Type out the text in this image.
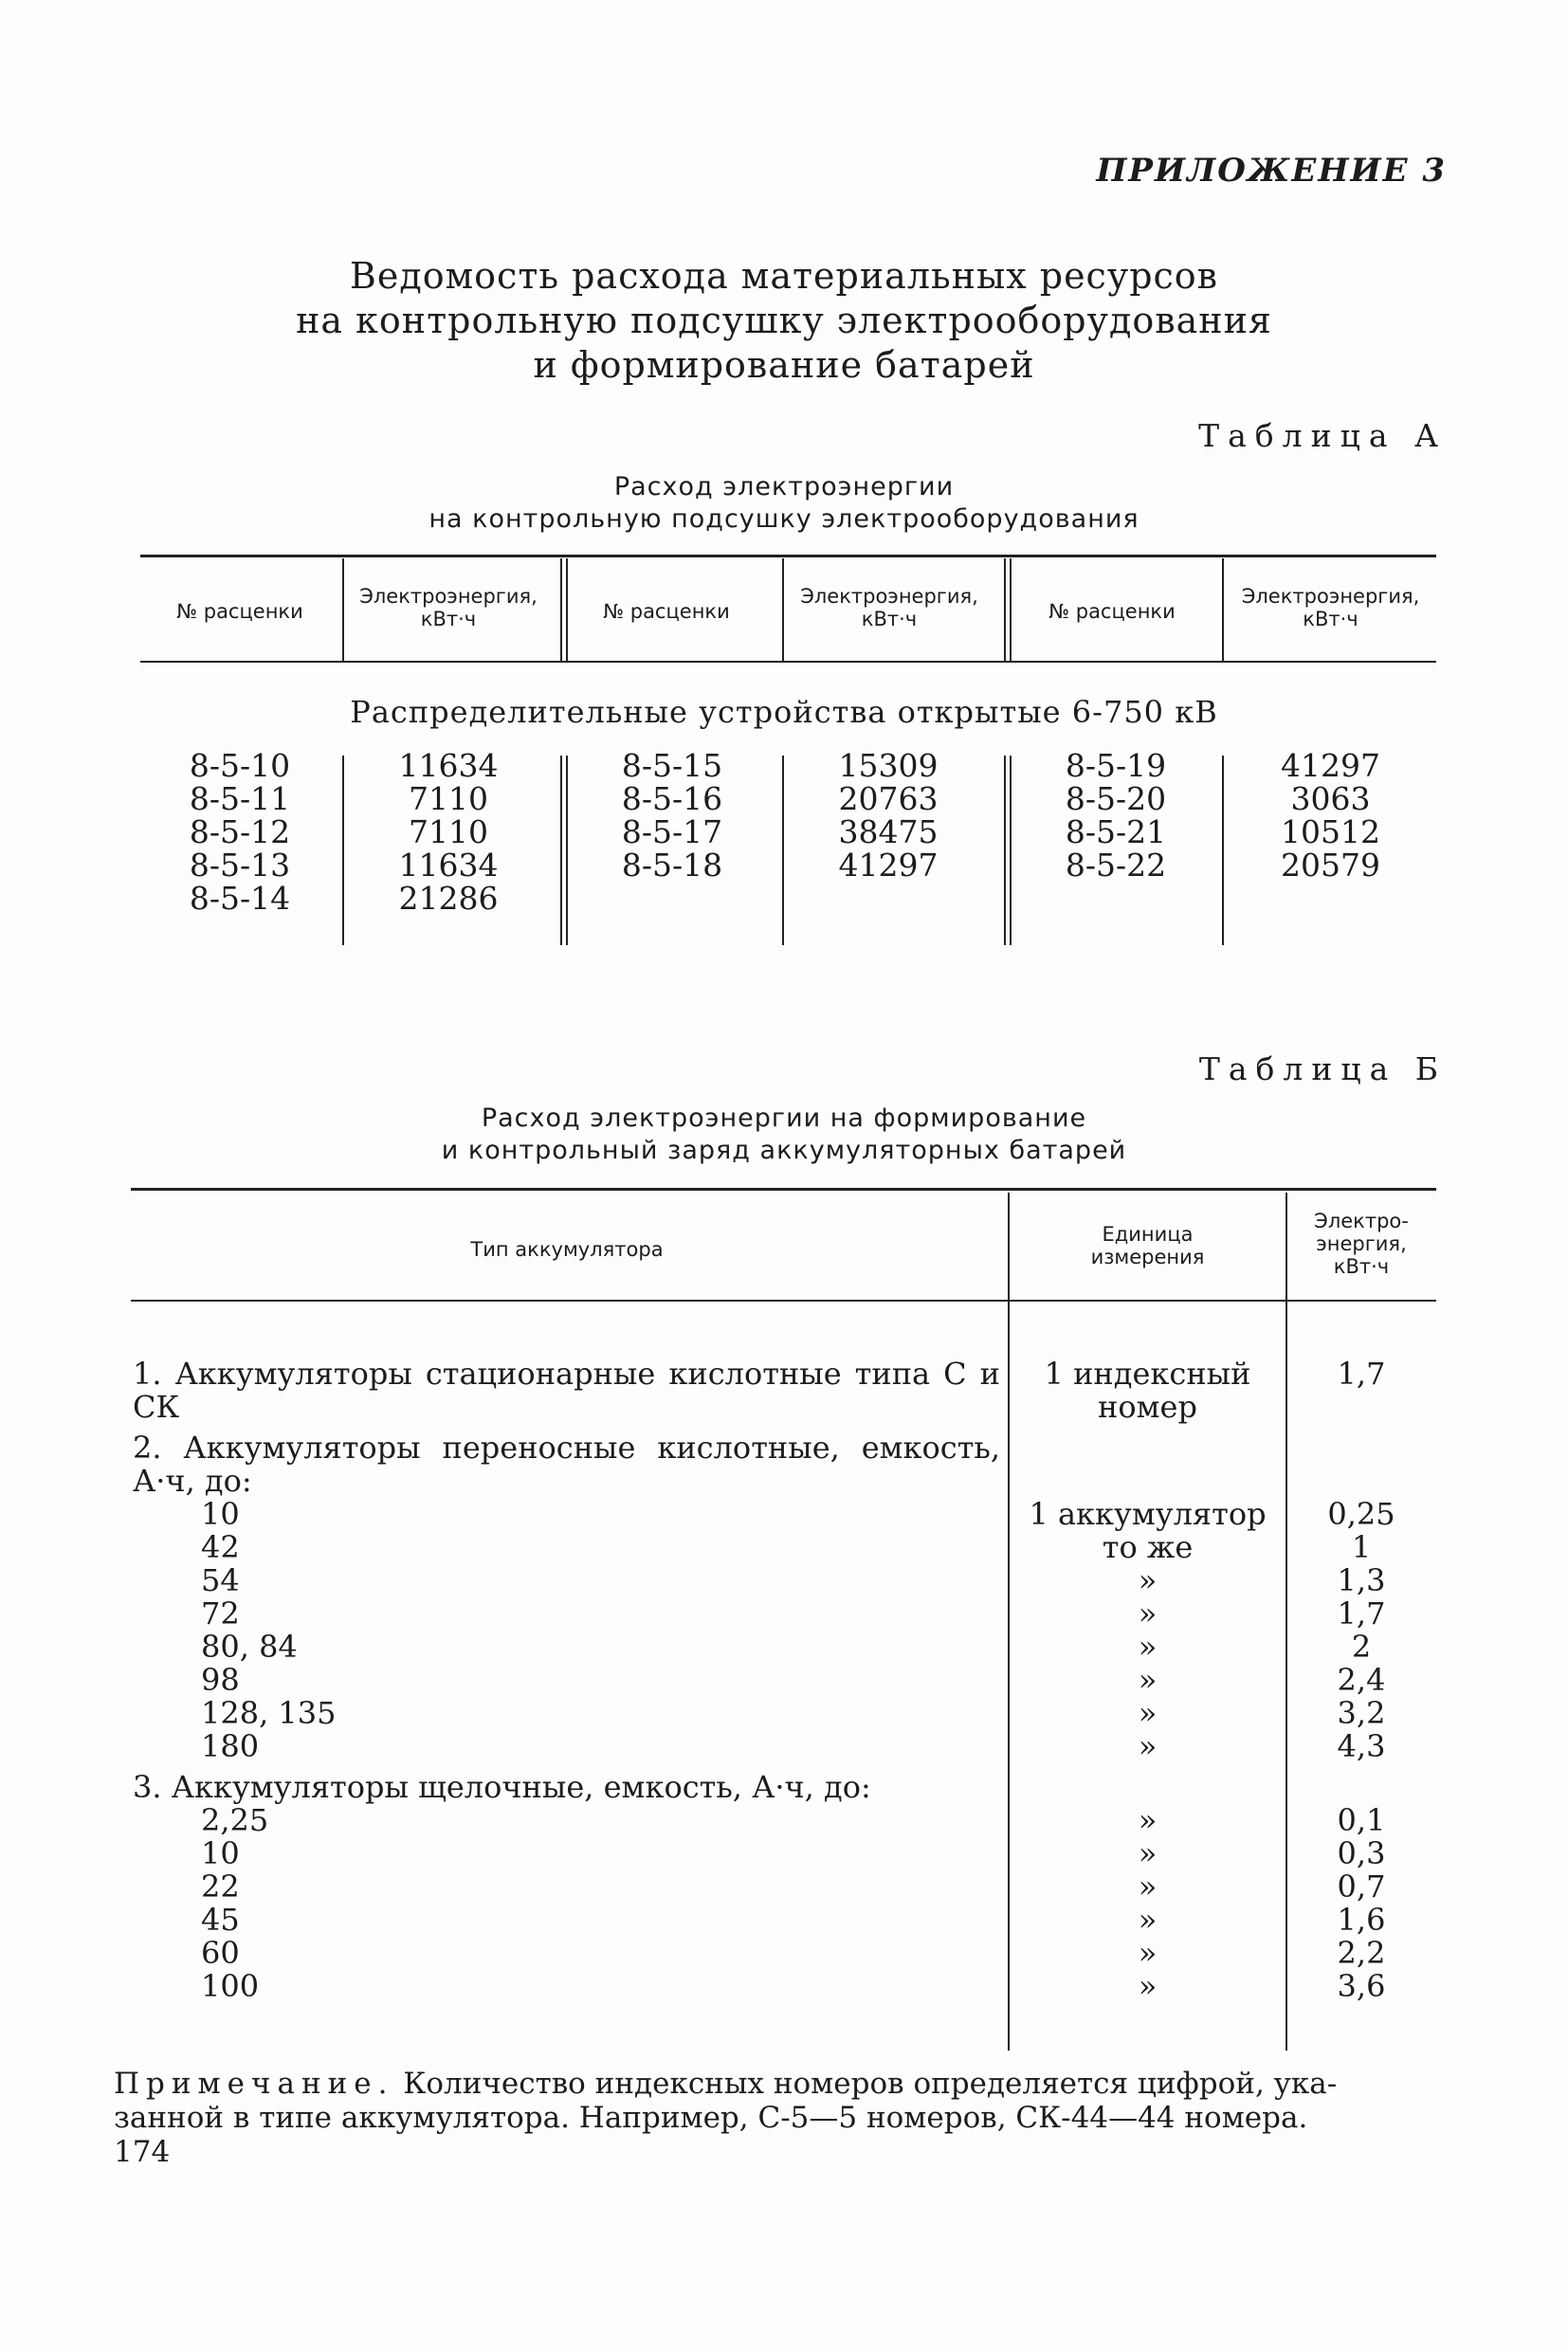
ПРИЛОЖЕНИЕ 3
Ведомость расхода материальных ресурсов
на контрольную подсушку электрооборудования
и формирование батарей
Таблица А
Расход электроэнергии
на контрольную подсушку электрооборудования
№ расценки
Электроэнергия, кВт·ч	№ расценки
Электроэнергия, кВт·ч	№ расценки
Электроэнергия, кВт·ч
Распределительные устройства открытые 6-750 кВ
8-5-10
8-5-11
8-5-12
8-5-13
8-5-14
11634
7110
7110
11634
21286
8-5-15
8-5-16
8-5-17
8-5-18
15309
20763
38475
41297
8-5-19
8-5-20
8-5-21
8-5-22
41297
3063
10512
20579
Таблица Б
Расход электроэнергии на формирование
и контрольный заряд аккумуляторных батарей
Тип аккумулятора
Единица
измерения
Электро-
энергия,
кВт·ч
1. Аккумуляторы стационарные кислотные типа С и
СК
2. Аккумуляторы переносные кислотные, емкость,
А·ч, до:
10
42
54
72
80, 84
98
128, 135
180
3. Аккумуляторы щелочные, емкость, А·ч, до:
2,25
10
22
45
60
100
1 индексный
номер
1 аккумулятор
то же
»
»
»
»
»
»
»
»
»
»
»
»
1,7
0,25
1
1,3
1,7
2
2,4
3,2
4,3
0,1
0,3
0,7
1,6
2,2
3,6
Примечание. Количество индексных номеров определяется цифрой, ука-
занной в типе аккумулятора. Например, С-5—5 номеров, СК-44—44 номера.
174
